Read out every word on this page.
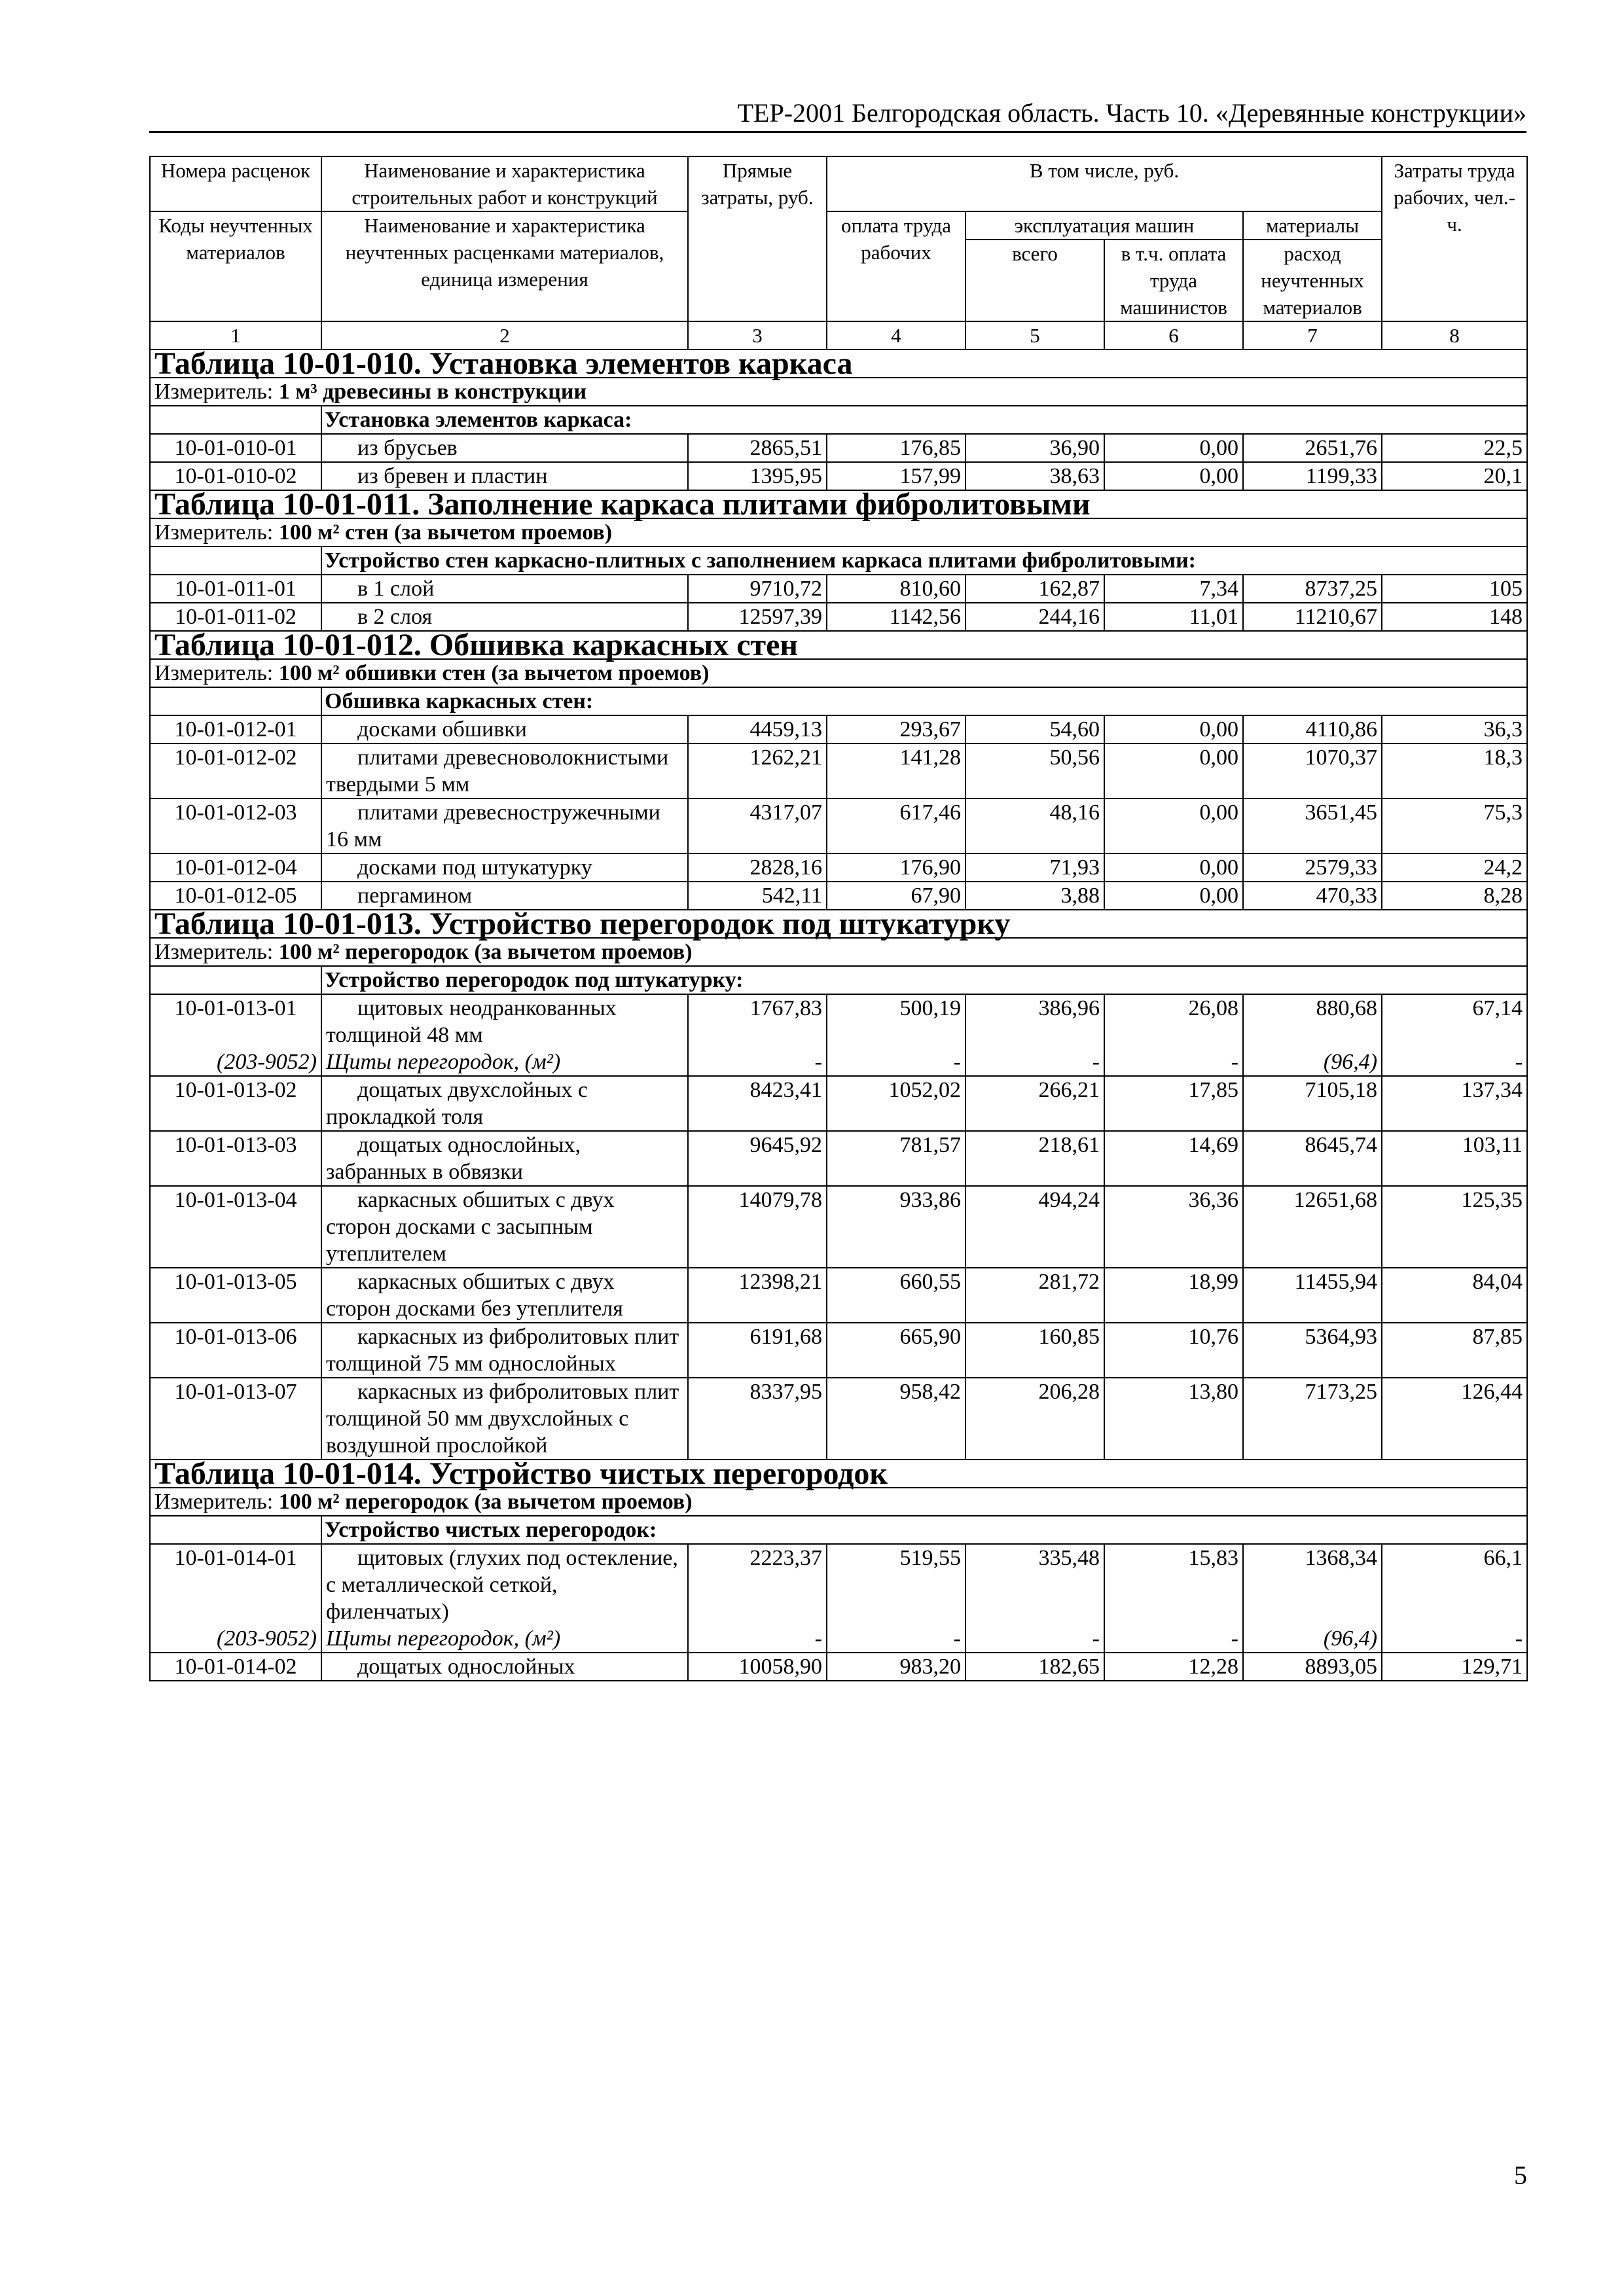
ТЕР-2001 Белгородская область. Часть 10. «Деревянные конструкции»
Номера расценок	Наименование и характеристика строительных работ и конструкций	Прямые затраты, руб.	В том числе, руб.				Затраты труда рабочих, чел.-ч.
Коды неучтенных материалов	Наименование и характеристика неучтенных расценками материалов, единица измерения		оплата труда рабочих	эксплуатация машин		материалы	
				всего	в т.ч. оплата труда машинистов	расход неучтенных материалов	
1	2	3	4	5	6	7	8
Таблица 10-01-010. Установка элементов каркаса							
Измеритель: 1 м³ древесины в конструкции							
	Установка элементов каркаса:						
10-01-010-01	из брусьев	2865,51	176,85	36,90	0,00	2651,76	22,5
10-01-010-02	из бревен и пластин	1395,95	157,99	38,63	0,00	1199,33	20,1
Таблица 10-01-011. Заполнение каркаса плитами фибролитовыми							
Измеритель: 100 м² стен (за вычетом проемов)							
	Устройство стен каркасно-плитных с заполнением каркаса плитами фибролитовыми:						
10-01-011-01	в 1 слой	9710,72	810,60	162,87	7,34	8737,25	105
10-01-011-02	в 2 слоя	12597,39	1142,56	244,16	11,01	11210,67	148
Таблица 10-01-012. Обшивка каркасных стен							
Измеритель: 100 м² обшивки стен (за вычетом проемов)							
	Обшивка каркасных стен:						
10-01-012-01	досками обшивки	4459,13	293,67	54,60	0,00	4110,86	36,3
10-01-012-02	плитами древесноволокнистыми твердыми 5 мм	1262,21	141,28	50,56	0,00	1070,37	18,3
10-01-012-03	плитами древесностружечными 16 мм	4317,07	617,46	48,16	0,00	3651,45	75,3
10-01-012-04	досками под штукатурку	2828,16	176,90	71,93	0,00	2579,33	24,2
10-01-012-05	пергамином	542,11	67,90	3,88	0,00	470,33	8,28
Таблица 10-01-013. Устройство перегородок под штукатурку							
Измеритель: 100 м² перегородок (за вычетом проемов)							
	Устройство перегородок под штукатурку:						
10-01-013-01	щитовых неодранкованных толщиной 48 мм	1767,83	500,19	386,96	26,08	880,68	67,14
(203-9052)	Щиты перегородок, (м²)	-	-	-	-	(96,4)	-
10-01-013-02	дощатых двухслойных с прокладкой толя	8423,41	1052,02	266,21	17,85	7105,18	137,34
10-01-013-03	дощатых однослойных, забранных в обвязки	9645,92	781,57	218,61	14,69	8645,74	103,11
10-01-013-04	каркасных обшитых с двух сторон досками с засыпным утеплителем	14079,78	933,86	494,24	36,36	12651,68	125,35
10-01-013-05	каркасных обшитых с двух сторон досками без утеплителя	12398,21	660,55	281,72	18,99	11455,94	84,04
10-01-013-06	каркасных из фибролитовых плит толщиной 75 мм однослойных	6191,68	665,90	160,85	10,76	5364,93	87,85
10-01-013-07	каркасных из фибролитовых плит толщиной 50 мм двухслойных с воздушной прослойкой	8337,95	958,42	206,28	13,80	7173,25	126,44
Таблица 10-01-014. Устройство чистых перегородок							
Измеритель: 100 м² перегородок (за вычетом проемов)							
	Устройство чистых перегородок:						
10-01-014-01	щитовых (глухих под остекление, с металлической сеткой, филенчатых)	2223,37	519,55	335,48	15,83	1368,34	66,1
(203-9052)	Щиты перегородок, (м²)	-	-	-	-	(96,4)	-
10-01-014-02	дощатых однослойных	10058,90	983,20	182,65	12,28	8893,05	129,71
5
